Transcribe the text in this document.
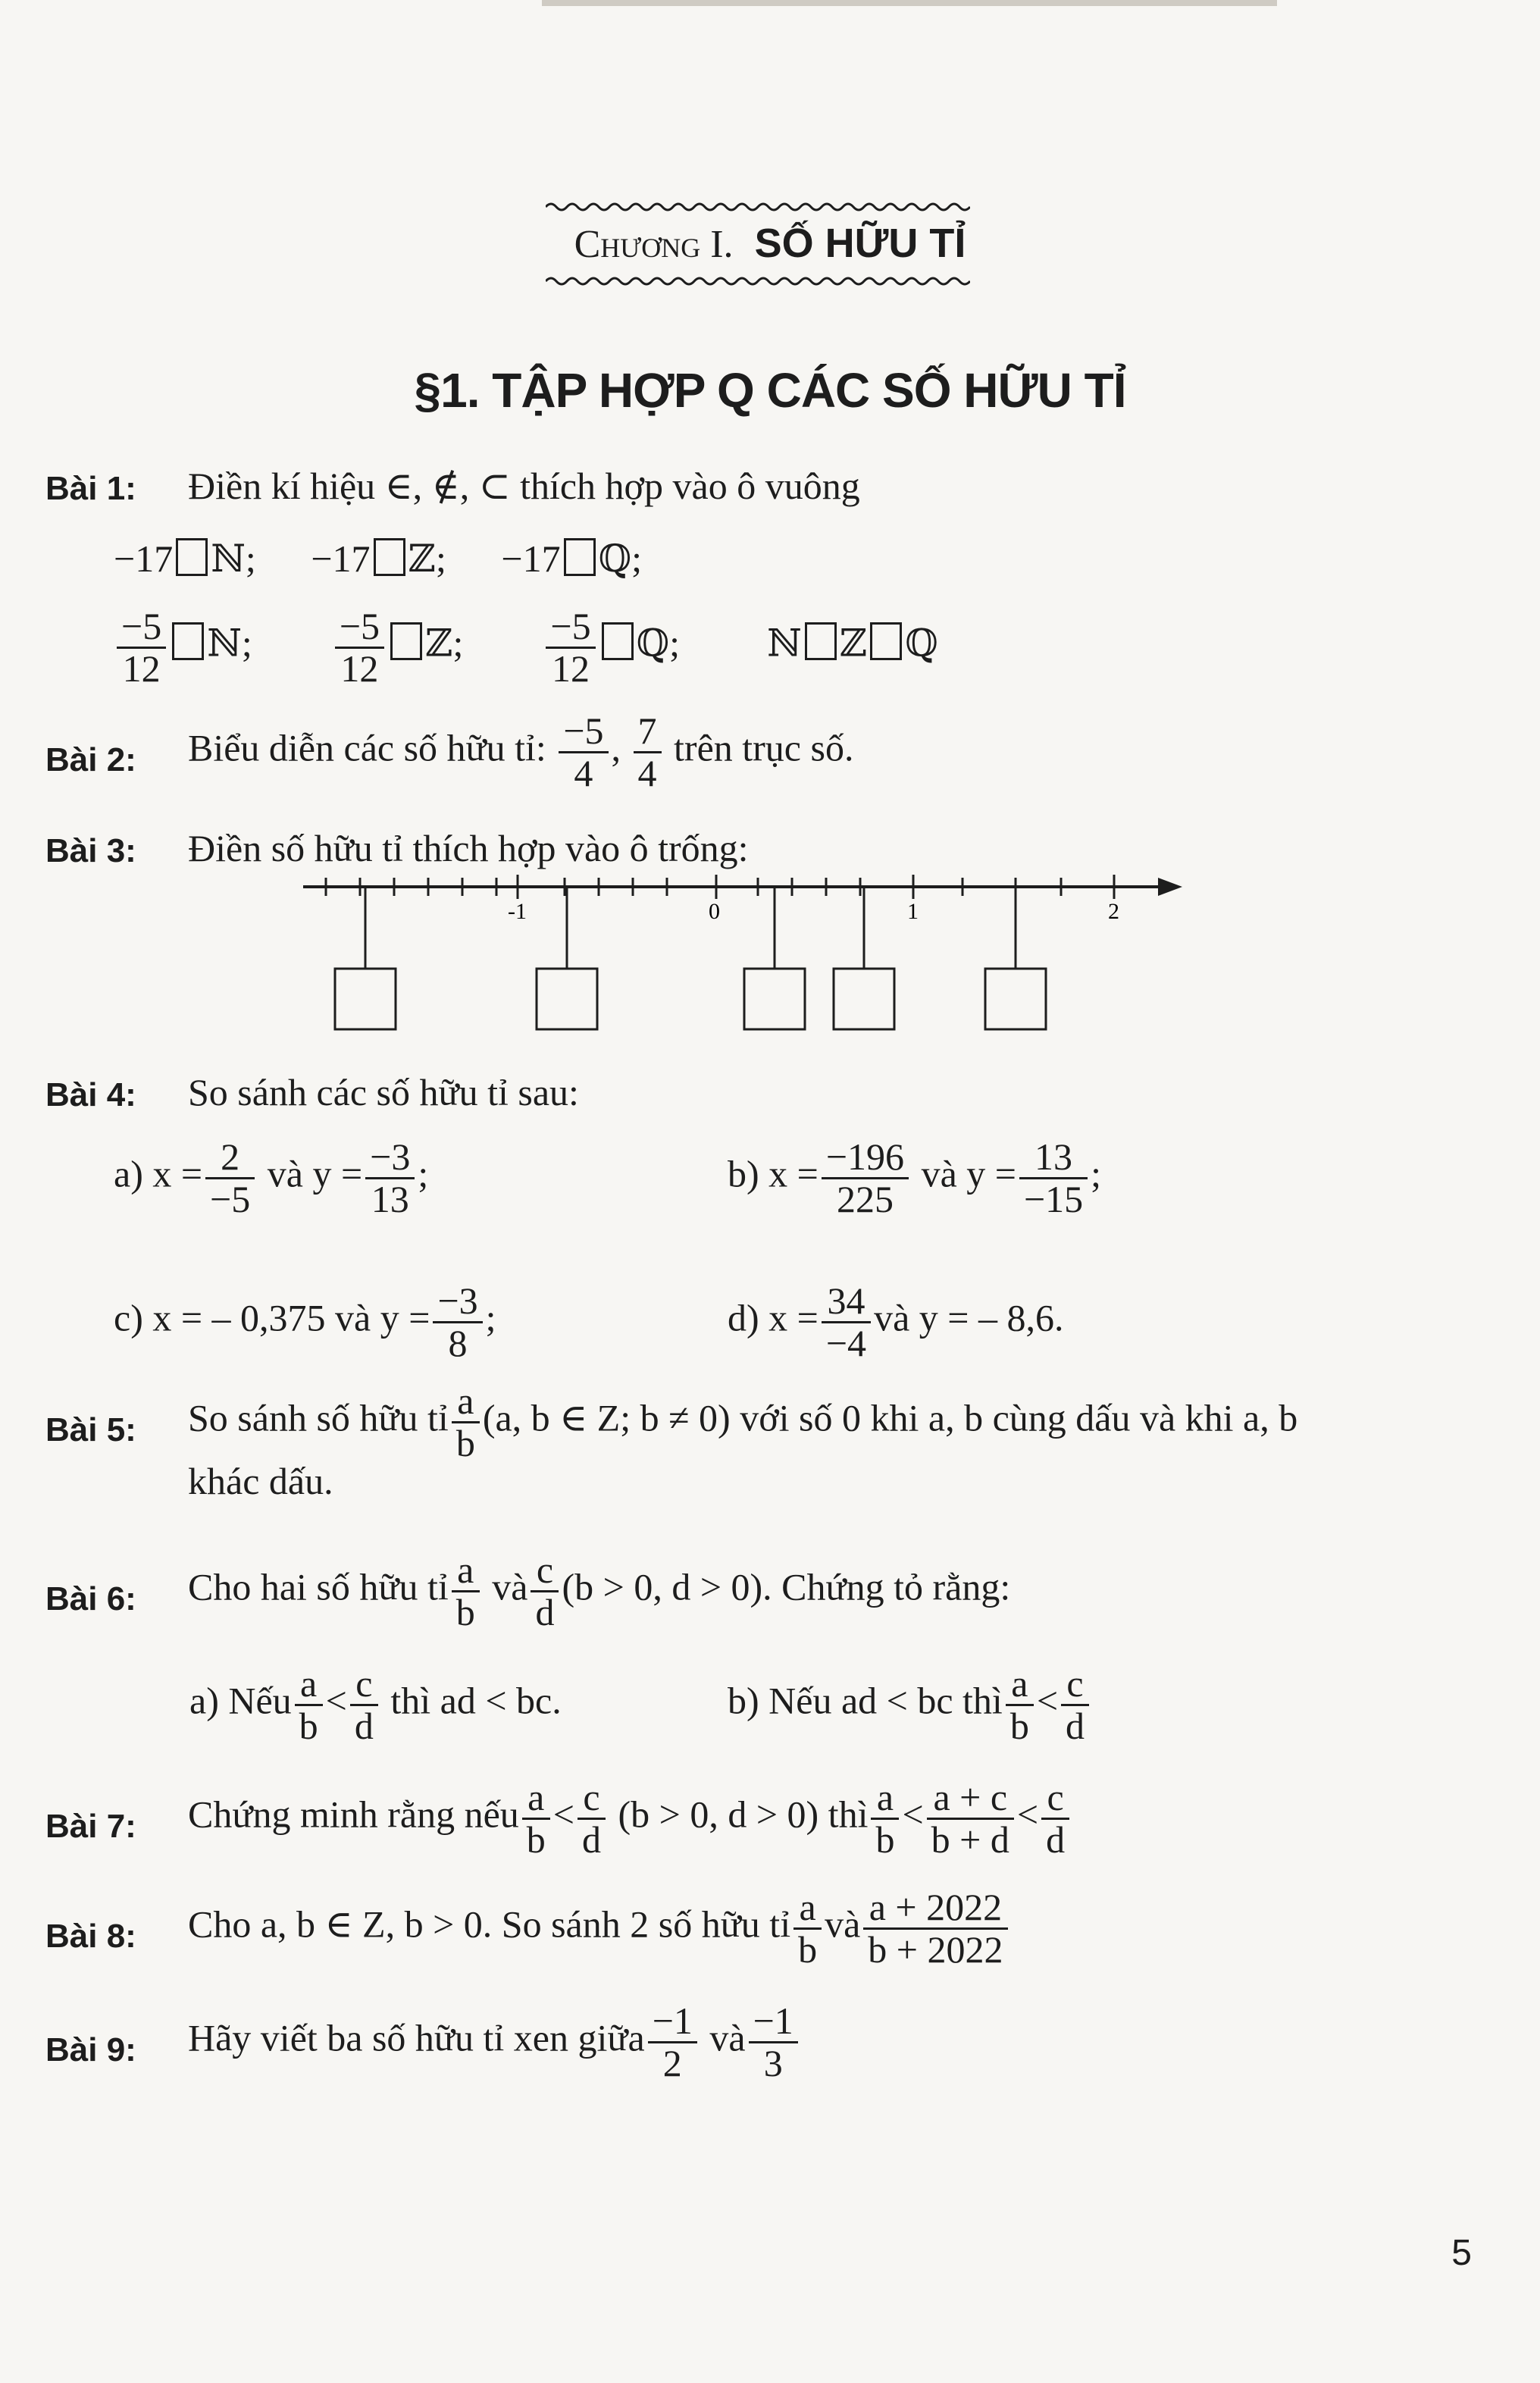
Chương I. SỐ HỮU TỈ
§1. TẬP HỢP Q CÁC SỐ HỮU TỈ
Bài 1: Điền kí hiệu ∈, ∉, ⊂ thích hợp vào ô vuông
−17 ℕ; −17 ℤ; −17 ℚ;
$\frac{-5}{12}$ ℕ; $\frac{-5}{12}$ ℤ; $\frac{-5}{12}$ ℚ; ℕ ℤ ℚ
Bài 2: Biểu diễn các số hữu tỉ: $\frac{-5}{4}$ , $\frac{7}{4}$ trên trục số.
Bài 3: Điền số hữu tỉ thích hợp vào ô trống:
-1	0	1	2
Bài 4: So sánh các số hữu tỉ sau:
a) $x = \frac{2}{-5}$ và $y = \frac{-3}{13}$ ;	b) $x = \frac{-196}{225}$ và $y = \frac{13}{-15}$ ;
c) x = – 0,375 và $y = \frac{-3}{8}$ ;	d) $x = \frac{34}{-4}$ và y = – 8,6.
Bài 5: So sánh số hữu tỉ $\frac{a}{b} (a$, b ∈ Z; b ≠ 0) với số 0 khi a, b cùng dấu và khi a, b
khác dấu.
Bài 6: Cho hai số hữu tỉ $\frac{a}{b}$ và $\frac{c}{d} (b > 0$, d > 0). Chứng tỏ rằng:
a) Nếu $\frac{a}{b} < \frac{c}{d}$ thì ad < bc.	b) Nếu ad < bc thì $\frac{a}{b} < \frac{c}{d}$
Bài 7: Chứng minh rằng nếu $\frac{a}{b} < \frac{c}{d} (b > 0$, d > 0) thì $\frac{a}{b} < \frac{a + c}{b + d} < \frac{c}{d}$
Bài 8: Cho a, b ∈ Z, b > 0. So sánh 2 số hữu tỉ $\frac{a}{b}$ và $\frac{a + 2022}{b + 2022}$
Bài 9: Hãy viết ba số hữu tỉ xen giữa $\frac{-1}{2}$ và $\frac{-1}{3}$
5
